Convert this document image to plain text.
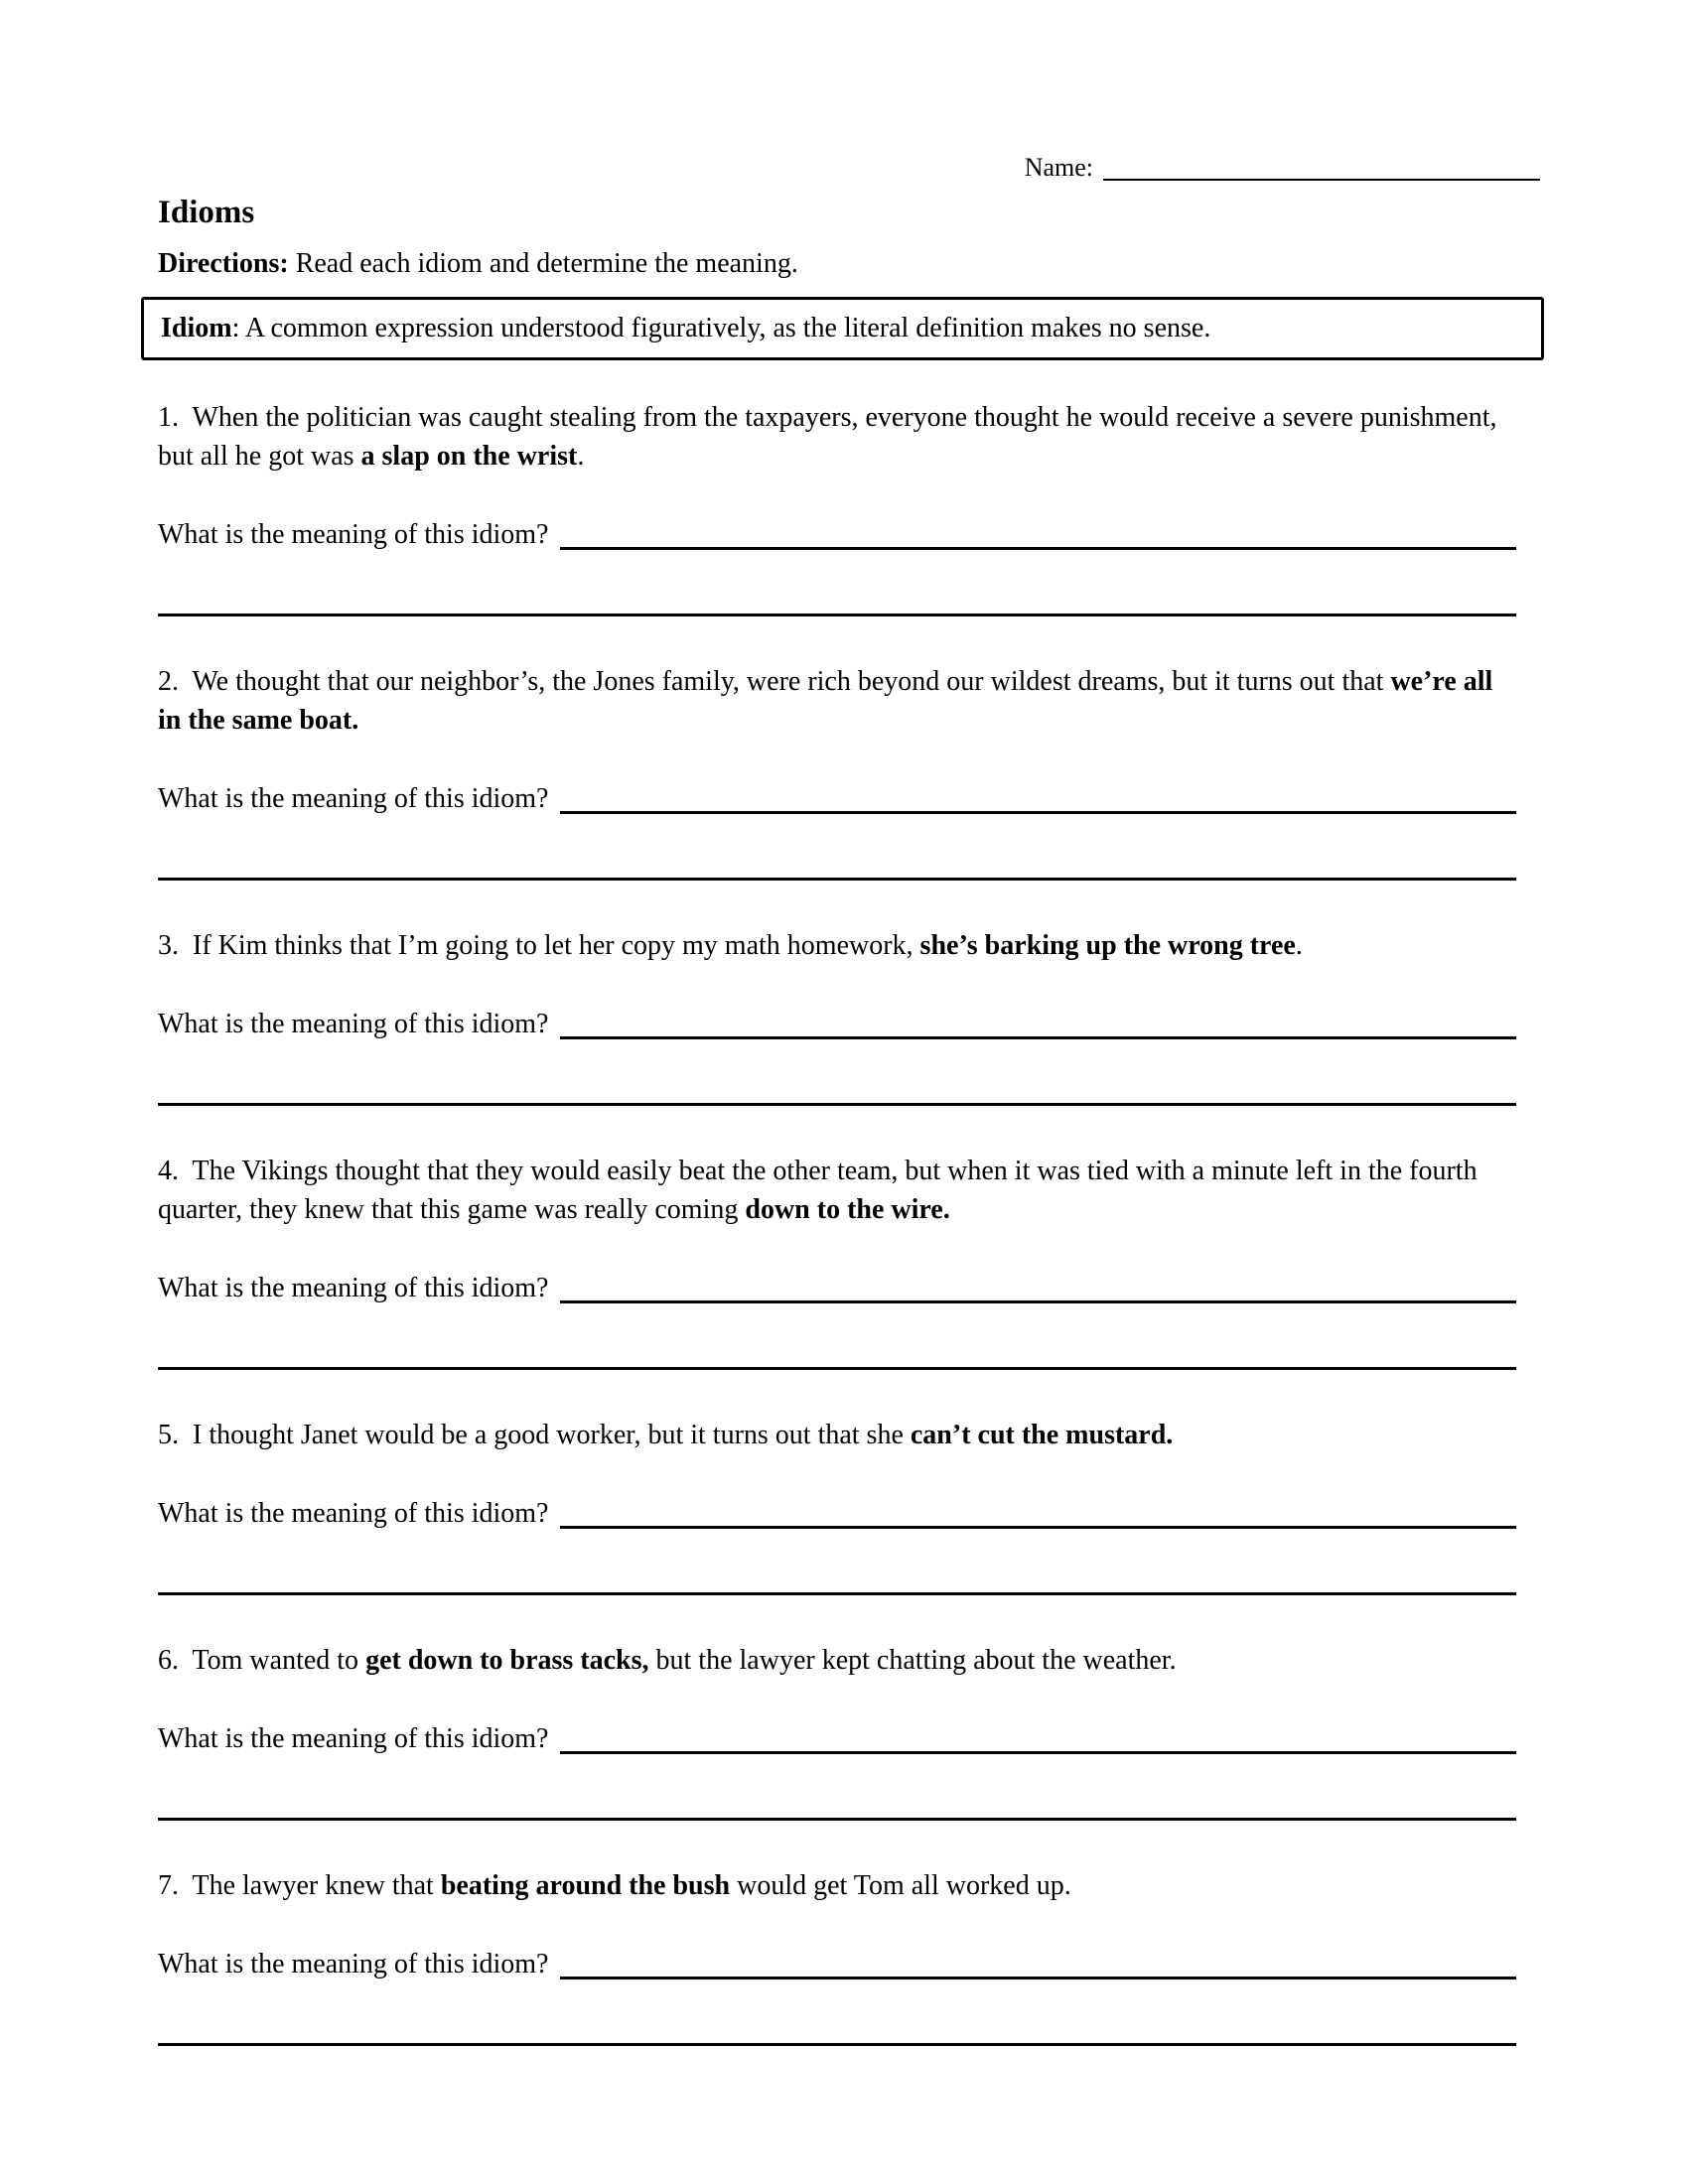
Name:
Idioms

Directions: Read each idiom and determine the meaning.

Idiom: A common expression understood figuratively, as the literal definition makes no sense.

1.  When the politician was caught stealing from the taxpayers, everyone thought he would receive a severe punishment, but all he got was a slap on the wrist.

What is the meaning of this idiom?

2.  We thought that our neighbor’s, the Jones family, were rich beyond our wildest dreams, but it turns out that we’re all in the same boat.

What is the meaning of this idiom?

3.  If Kim thinks that I’m going to let her copy my math homework, she’s barking up the wrong tree.

What is the meaning of this idiom?

4.  The Vikings thought that they would easily beat the other team, but when it was tied with a minute left in the fourth quarter, they knew that this game was really coming down to the wire.

What is the meaning of this idiom?

5.  I thought Janet would be a good worker, but it turns out that she can’t cut the mustard.

What is the meaning of this idiom?

6.  Tom wanted to get down to brass tacks, but the lawyer kept chatting about the weather.

What is the meaning of this idiom?

7.  The lawyer knew that beating around the bush would get Tom all worked up.

What is the meaning of this idiom?
